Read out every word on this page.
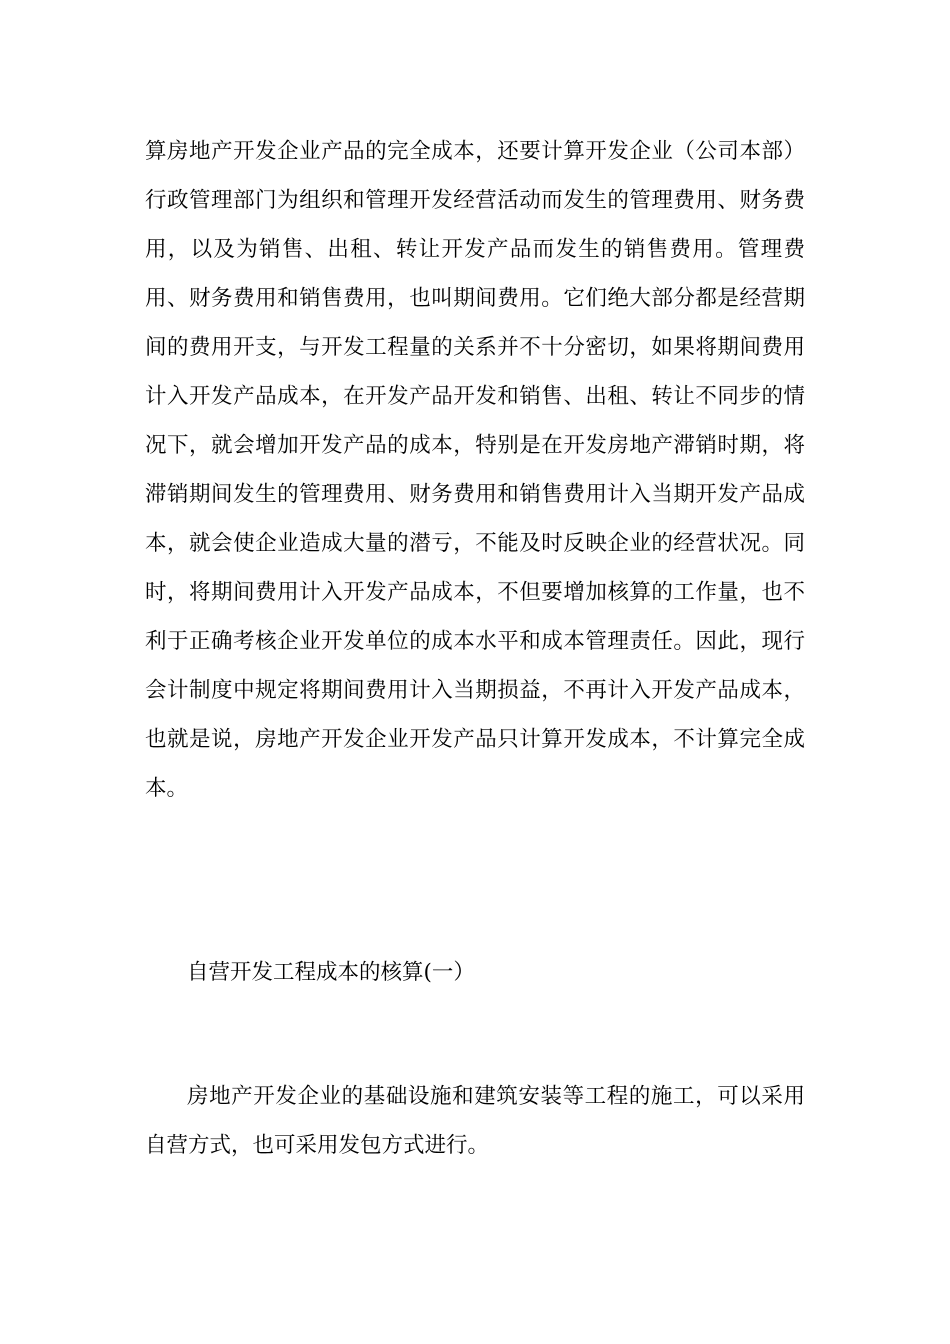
算房地产开发企业产品的完全成本，还要计算开发企业（公司本部）行政管理部门为组织和管理开发经营活动而发生的管理费用、财务费用，以及为销售、出租、转让开发产品而发生的销售费用。管理费用、财务费用和销售费用，也叫期间费用。它们绝大部分都是经营期间的费用开支，与开发工程量的关系并不十分密切，如果将期间费用计入开发产品成本，在开发产品开发和销售、出租、转让不同步的情况下，就会增加开发产品的成本，特别是在开发房地产滞销时期，将滞销期间发生的管理费用、财务费用和销售费用计入当期开发产品成本，就会使企业造成大量的潜亏，不能及时反映企业的经营状况。同时，将期间费用计入开发产品成本，不但要增加核算的工作量，也不利于正确考核企业开发单位的成本水平和成本管理责任。因此，现行会计制度中规定将期间费用计入当期损益，不再计入开发产品成本，也就是说，房地产开发企业开发产品只计算开发成本，不计算完全成本。

自营开发工程成本的核算(一）

房地产开发企业的基础设施和建筑安装等工程的施工，可以采用自营方式，也可采用发包方式进行。
